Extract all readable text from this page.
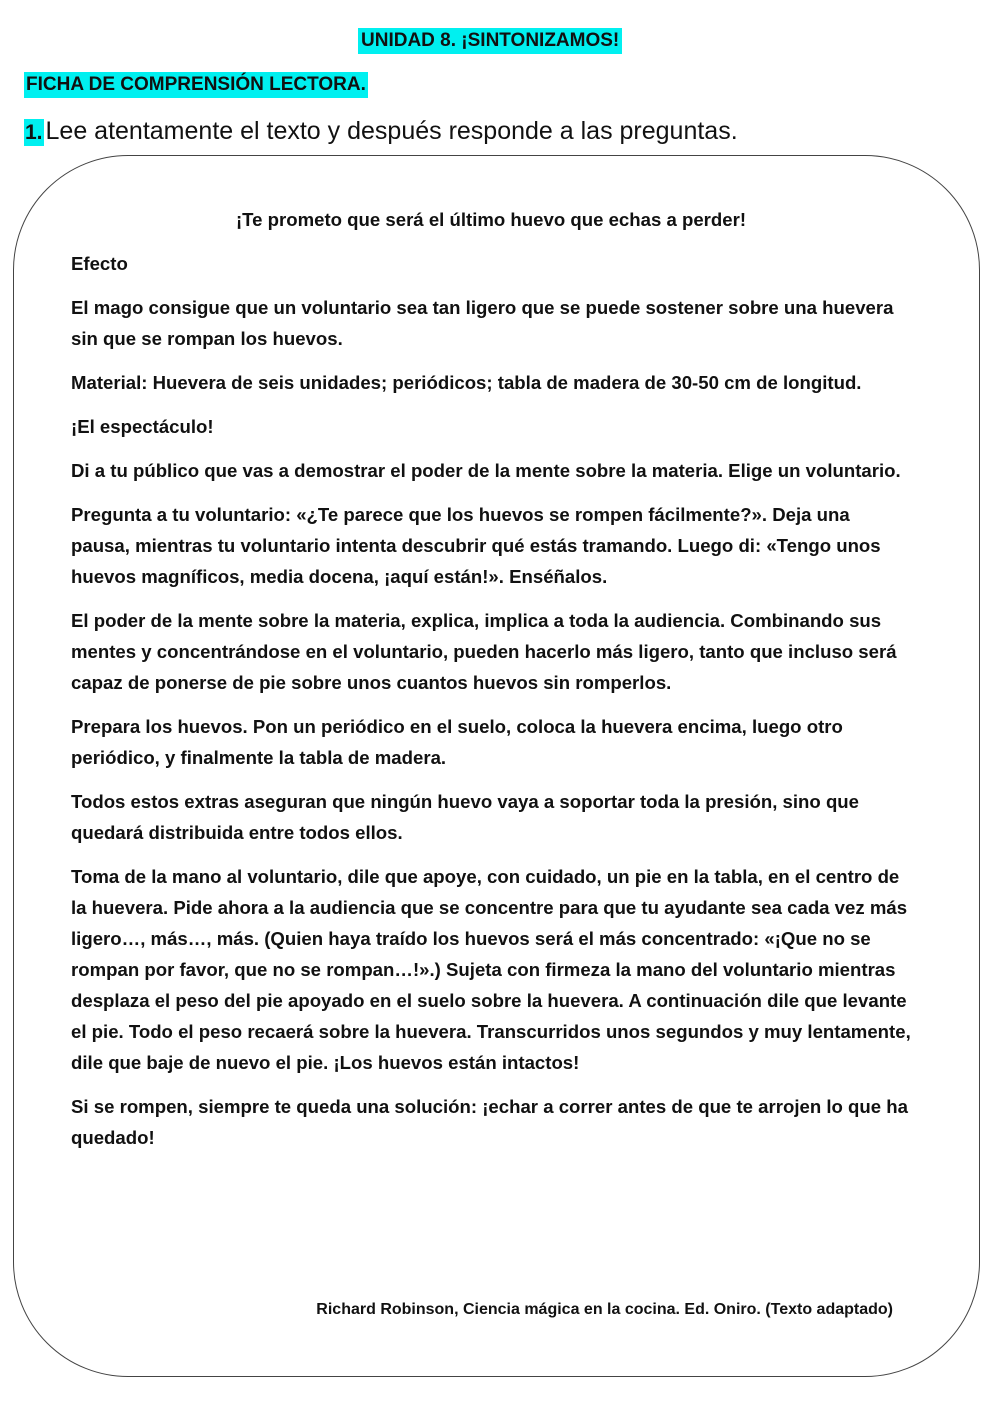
UNIDAD 8. ¡SINTONIZAMOS!
FICHA DE COMPRENSIÓN LECTORA.
1. Lee atentamente el texto y después responde a las preguntas.

¡Te prometo que será el último huevo que echas a perder!

Efecto

El mago consigue que un voluntario sea tan ligero que se puede sostener sobre una huevera sin que se rompan los huevos.

Material: Huevera de seis unidades; periódicos; tabla de madera de 30-50 cm de longitud.

¡El espectáculo!

Di a tu público que vas a demostrar el poder de la mente sobre la materia. Elige un voluntario.

Pregunta a tu voluntario: «¿Te parece que los huevos se rompen fácilmente?». Deja una pausa, mientras tu voluntario intenta descubrir qué estás tramando. Luego di: «Tengo unos huevos magníficos, media docena, ¡aquí están!». Enséñalos.

El poder de la mente sobre la materia, explica, implica a toda la audiencia. Combinando sus mentes y concentrándose en el voluntario, pueden hacerlo más ligero, tanto que incluso será capaz de ponerse de pie sobre unos cuantos huevos sin romperlos.

Prepara los huevos. Pon un periódico en el suelo, coloca la huevera encima, luego otro periódico, y finalmente la tabla de madera.

Todos estos extras aseguran que ningún huevo vaya a soportar toda la presión, sino que quedará distribuida entre todos ellos.

Toma de la mano al voluntario, dile que apoye, con cuidado, un pie en la tabla, en el centro de la huevera. Pide ahora a la audiencia que se concentre para que tu ayudante sea cada vez más ligero…, más…, más. (Quien haya traído los huevos será el más concentrado: «¡Que no se rompan por favor, que no se rompan…!».) Sujeta con firmeza la mano del voluntario mientras desplaza el peso del pie apoyado en el suelo sobre la huevera. A continuación dile que levante el pie. Todo el peso recaerá sobre la huevera. Transcurridos unos segundos y muy lentamente, dile que baje de nuevo el pie. ¡Los huevos están intactos!

Si se rompen, siempre te queda una solución: ¡echar a correr antes de que te arrojen lo que ha quedado!

Richard Robinson, Ciencia mágica en la cocina. Ed. Oniro. (Texto adaptado)
